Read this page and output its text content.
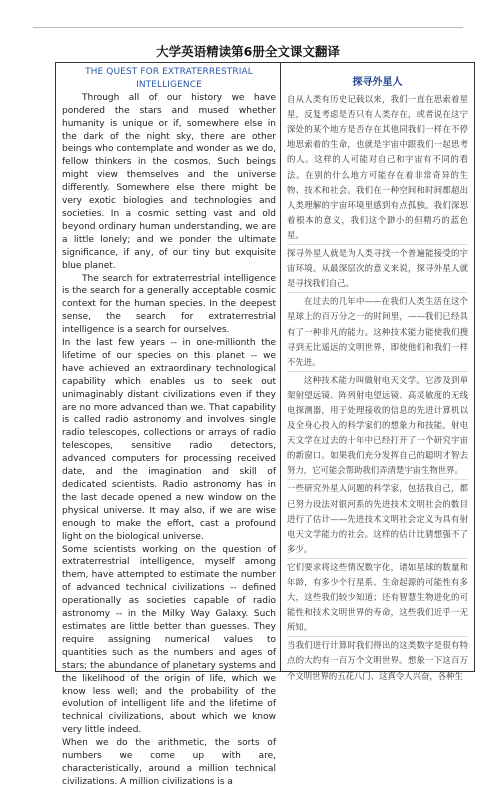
大学英语精读第6册全文课文翻译
THE QUEST FOR EXTRATERRESTRIAL INTELLIGENCE

Through all of our history we have pondered the stars and mused whether humanity is unique or if, somewhere else in the dark of the night sky, there are other beings who contemplate and wonder as we do, fellow thinkers in the cosmos. Such beings might view themselves and the universe differently. Somewhere else there might be very exotic biologies and technologies and societies. In a cosmic setting vast and old beyond ordinary human understanding, we are a little lonely; and we ponder the ultimate significance, if any, of our tiny but exquisite blue planet.

The search for extraterrestrial intelligence is the search for a generally acceptable cosmic context for the human species. In the deepest sense, the search for extraterrestrial intelligence is a search for ourselves.

In the last few years -- in one-millionth the lifetime of our species on this planet -- we have achieved an extraordinary technological capability which enables us to seek out unimaginably distant civilizations even if they are no more advanced than we. That capability is called radio astronomy and involves single radio telescopes, collections or arrays of radio telescopes, sensitive radio detectors, advanced computers for processing received date, and the imagination and skill of dedicated scientists. Radio astronomy has in the last decade opened a new window on the physical universe. It may also, if we are wise enough to make the effort, cast a profound light on the biological universe.

Some scientists working on the question of extraterrestrial intelligence, myself among them, have attempted to estimate the number of advanced technical civilizations -- defined operationally as societies capable of radio astronomy -- in the Milky Way Galaxy. Such estimates are little better than guesses. They require assigning numerical values to quantities such as the numbers and ages of stars; the abundance of planetary systems and the likelihood of the origin of life, which we know less well; and the probability of the evolution of intelligent life and the lifetime of technical civilizations, about which we know very little indeed.

When we do the arithmetic, the sorts of numbers we come up with are, characteristically, around a million technical civilizations. A million civilizations is a

探寻外星人

自从人类有历史记载以来，我们一直在思索着星星，反复考虑是否只有人类存在，或者说在这宁深处的某个地方是否存在其他同我们一样在不停地思索着的生命，也就是宇宙中跟我们一起思考的人。这样的人可能对自己和宇宙有不同的看法。在别的什么地方可能存在着非常奇异的生物、技术和社会。我们在一种空间和时间都超出人类理解的宇宙环境里感到有点孤独。我们深思着根本的意义，我们这个渺小的但精巧的蓝色星。

探寻外星人就是为人类寻找一个普遍能接受的宇宙环境。从最深层次的意义来说，探寻外星人就是寻找我们自己。

在过去的几年中——在我们人类生活在这个星球上的百万分之一的时间里，——我们已经具有了一种非凡的能力。这种技术能力能使我们搜寻到无比遥远的文明世界，即使他们和我们一样不先进。

这种技术能力叫做射电天文学。它涉及到单架射望远镜、阵列射电望远镜、高灵敏度的无线电探测器，用于处理接收的信息的先进计算机以及全身心投入的科学家们的想象力和技能。射电天文学在过去的十年中已经打开了一个研究宇宙的新窗口。如果我们充分发挥自己的聪明才智去努力，它可能会帮助我们弄清楚宇宙生物世界。

一些研究外星人问题的科学家，包括我自己，都已努力设法对银河系的先进技术文明社会的数目进行了估计——先进技术文明社会定义为具有射电天文学能力的社会。这样的估计比猜想强不了多少。

它们要求将这些情况数字化，诸如星球的数量和年龄，有多少个行星系、生命起源的可能性有多大，这些我们较少知道；还有智慧生物进化的可能性和技术文明世界的寿命，这些我们近乎一无所知。

当我们进行计算时我们得出的这类数字是很有特点的大约有一百万个文明世界。想象一下这百万个文明世界的五花八门、这真令人兴奋，各种生
